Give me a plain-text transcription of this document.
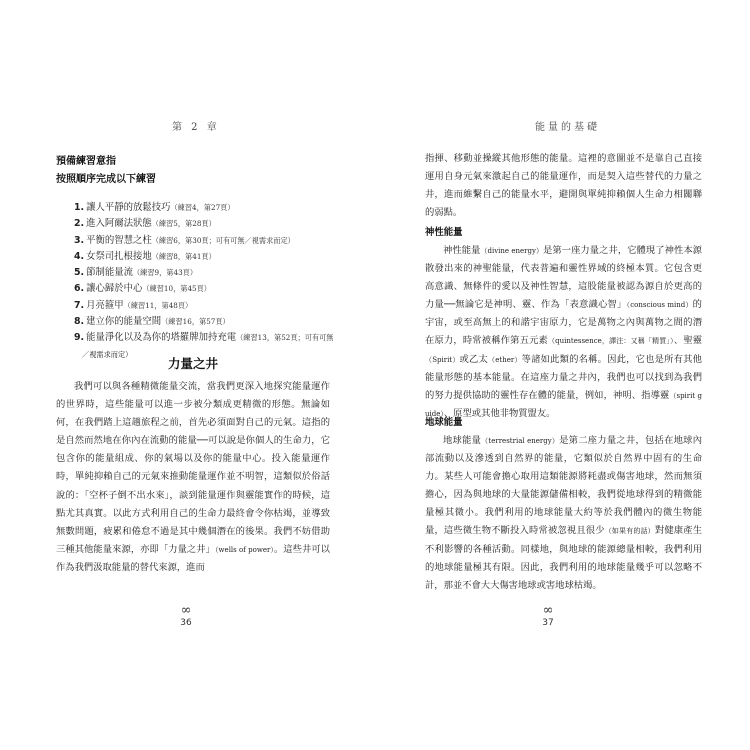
第 2 章
預備練習意指
按照順序完成以下練習
1. 讓人平靜的放鬆技巧（練習4，第27頁）
2. 進入阿爾法狀態（練習5，第28頁）
3. 平衡的智慧之柱（練習6，第30頁；可有可無／視需求而定）
4. 女祭司扎根接地（練習8，第41頁）
5. 節制能量流（練習9，第43頁）
6. 讓心歸於中心（練習10，第45頁）
7. 月亮箍甲（練習11，第48頁）
8. 建立你的能量空間（練習16，第57頁）
9. 能量淨化以及為你的塔羅牌加持充電（練習13，第52頁；可有可無
／視需求而定）
力量之井

我們可以與各種精微能量交流，當我們更深入地探究能量運作的世界時，這些能量可以進一步被分類成更精微的形態。無論如何，在我們踏上這趟旅程之前，首先必須面對自己的元氣。這指的是自然而然地在你內在流動的能量──可以說是你個人的生命力，它包含你的能量組成、你的氣場以及你的能量中心。投入能量運作時，單純抑賴自己的元氣來推動能量運作並不明智，這類似於俗話說的：「空杯子倒不出水來」，談到能量運作與靈能實作的時候，這點尤其真實。以此方式利用自己的生命力最終會令你枯竭，並導致無數問題，疲累和倦怠不過是其中幾個潛在的後果。我們不妨借助三種其他能量來源，亦即「力量之井」（wells of power）。這些井可以作為我們汲取能量的替代來源，進而

∞
36
能量的基礎

指揮、移動並操縱其他形態的能量。這裡的意圖並不是靠自己直接運用自身元氣來激起自己的能量運作，而是契入這些替代的力量之井，進而維繫自己的能量水平，避開與單純抑賴個人生命力相關聯的弱點。

神性能量

神性能量（divine energy）是第一座力量之井，它體現了神性本源散發出來的神聖能量，代表普遍和靈性界域的終極本質。它包含更高意識、無條件的愛以及神性智慧，這股能量被認為源自於更高的力量──無論它是神明、靈、作為「表意識心智」（conscious mind）的宇宙，或至高無上的和諧宇宙原力，它是萬物之內與萬物之間的潛在原力，時常被稱作第五元素（quintessence，譯注：又稱「精質」）、聖靈（Spirit）或乙太（ether）等諸如此類的名稱。因此，它也是所有其他能量形態的基本能量。在這座力量之井內，我們也可以找到為我們的努力提供協助的靈性存在體的能量，例如，神明、指導靈（spirit guide）、原型或其他非物質盟友。

地球能量

地球能量（terrestrial energy）是第二座力量之井，包括在地球內部流動以及滲透到自然界的能量，它類似於自然界中固有的生命力。某些人可能會擔心取用這類能源將耗盡或傷害地球，然而無須擔心，因為與地球的大量能源儲備相較，我們從地球得到的精微能量極其微小。我們利用的地球能量大約等於我們體內的微生物能量，這些微生物不斷投入時常被忽視且很少（如果有的話）對健康產生不利影響的各種活動。同樣地，與地球的能源總量相較，我們利用的地球能量極其有限。因此，我們利用的地球能量幾乎可以忽略不計，那並不會大大傷害地球或害地球枯竭。

∞
37
